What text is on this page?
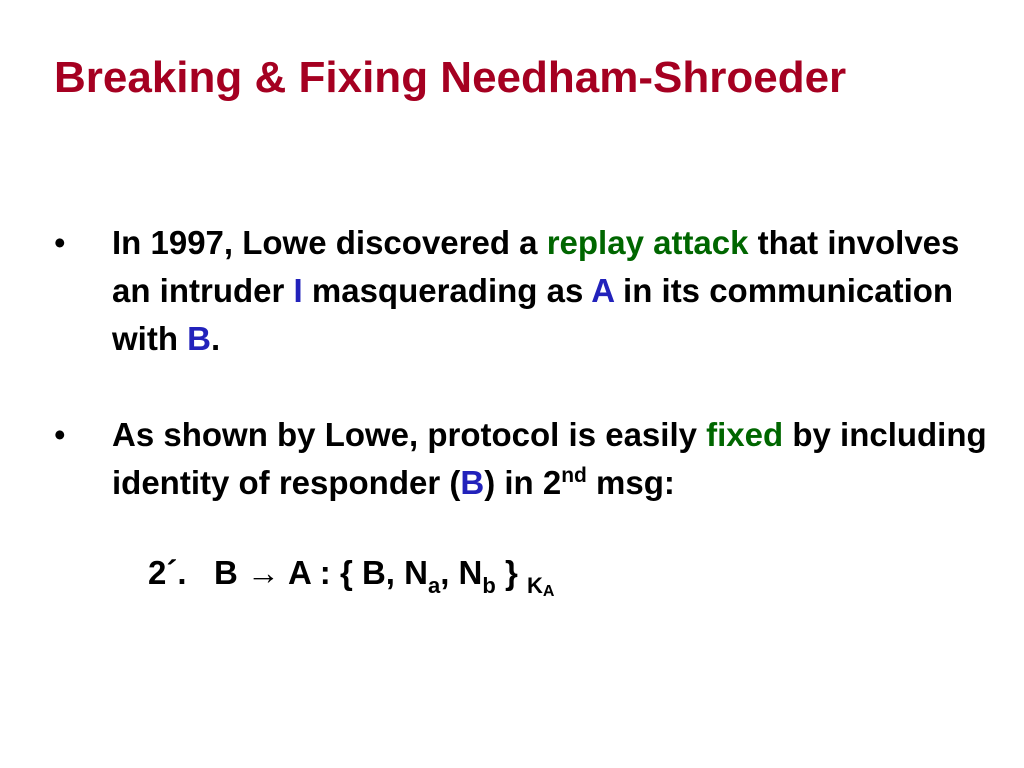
Breaking & Fixing Needham-Shroeder
• In 1997, Lowe discovered a replay attack that involves an intruder I masquerading as A in its communication with B.
• As shown by Lowe, protocol is easily fixed by including identity of responder (B) in 2nd msg:
2´. B → A : { B, $N_a$, $N_b$ } $_{KA}$
